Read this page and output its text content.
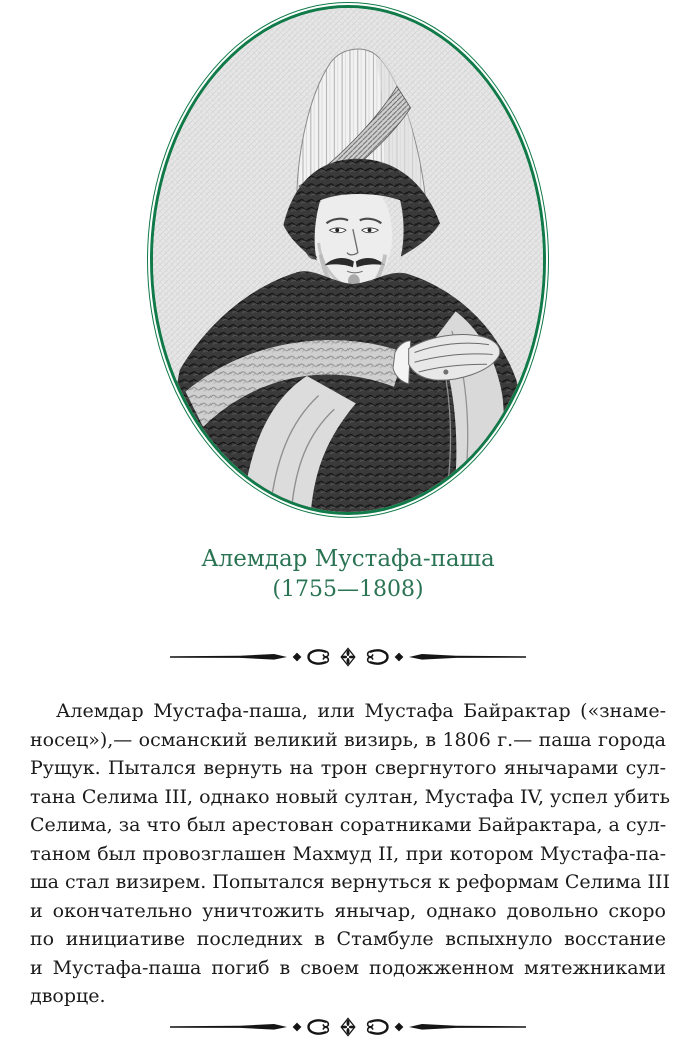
Алемдар Мустафа-паша
(1755—1808)
Алемдар Мустафа-паша, или Мустафа Байрактар («знаме-
носец»),— османский великий визирь, в 1806 г.— паша города
Рущук. Пытался вернуть на трон свергнутого янычарами сул-
тана Селима III, однако новый султан, Мустафа IV, успел убить
Селима, за что был арестован соратниками Байрактара, а сул-
таном был провозглашен Махмуд II, при котором Мустафа-па-
ша стал визирем. Попытался вернуться к реформам Селима III
и окончательно уничтожить янычар, однако довольно скоро
по инициативе последних в Стамбуле вспыхнуло восстание
и Мустафа-паша погиб в своем подожженном мятежниками
дворце.
